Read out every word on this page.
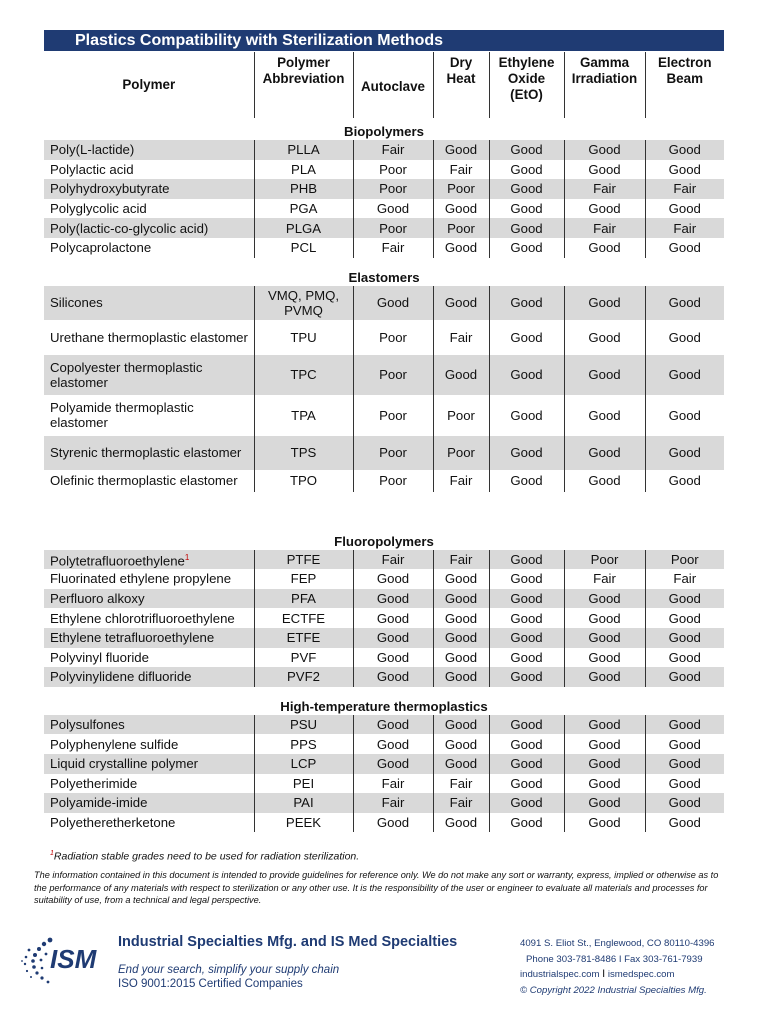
Plastics Compatibility with Sterilization Methods
Polymer	Polymer Abbreviation	Autoclave	Dry Heat	Ethylene Oxide (EtO)	Gamma Irradiation	Electron Beam
Biopolymers						
Poly(L-lactide)	PLLA	Fair	Good	Good	Good	Good
Polylactic acid	PLA	Poor	Fair	Good	Good	Good
Polyhydroxybutyrate	PHB	Poor	Poor	Good	Fair	Fair
Polyglycolic acid	PGA	Good	Good	Good	Good	Good
Poly(lactic-co-glycolic acid)	PLGA	Poor	Poor	Good	Fair	Fair
Polycaprolactone	PCL	Fair	Good	Good	Good	Good
Elastomers						
Silicones	VMQ, PMQ, PVMQ	Good	Good	Good	Good	Good
Urethane thermoplastic elastomer	TPU	Poor	Fair	Good	Good	Good
Copolyester thermoplastic elastomer	TPC	Poor	Good	Good	Good	Good
Polyamide thermoplastic elastomer	TPA	Poor	Poor	Good	Good	Good
Styrenic thermoplastic elastomer	TPS	Poor	Poor	Good	Good	Good
Olefinic thermoplastic elastomer	TPO	Poor	Fair	Good	Good	Good

Fluoropolymers						
Polytetrafluoroethylene$^1$	PTFE	Fair	Fair	Good	Poor	Poor
Fluorinated ethylene propylene	FEP	Good	Good	Good	Fair	Fair
Perfluoro alkoxy	PFA	Good	Good	Good	Good	Good
Ethylene chlorotrifluoroethylene	ECTFE	Good	Good	Good	Good	Good
Ethylene tetrafluoroethylene	ETFE	Good	Good	Good	Good	Good
Polyvinyl fluoride	PVF	Good	Good	Good	Good	Good
Polyvinylidene difluoride	PVF2	Good	Good	Good	Good	Good
High-temperature thermoplastics						
Polysulfones	PSU	Good	Good	Good	Good	Good
Polyphenylene sulfide	PPS	Good	Good	Good	Good	Good
Liquid crystalline polymer	LCP	Good	Good	Good	Good	Good
Polyetherimide	PEI	Fair	Fair	Good	Good	Good
Polyamide-imide	PAI	Fair	Fair	Good	Good	Good
Polyetheretherketone	PEEK	Good	Good	Good	Good	Good
$^1$Radiation stable grades need to be used for radiation sterilization.
The information contained in this document is intended to provide guidelines for reference only. We do not make any sort or warranty, express, implied or otherwise as to the performance of any materials with respect to sterilization or any other use. It is the responsibility of the user or engineer to evaluate all materials and processes for suitability of use, from a technical and legal perspective.
ISM
Industrial Specialties Mfg. and IS Med Specialties
End your search, simplify your supply chain
ISO 9001:2015 Certified Companies
4091 S. Eliot St., Englewood, CO 80110-4396
Phone 303-781-8486 I Fax 303-761-7939
industrialspec.com I ismedspec.com
© Copyright 2022 Industrial Specialties Mfg.
